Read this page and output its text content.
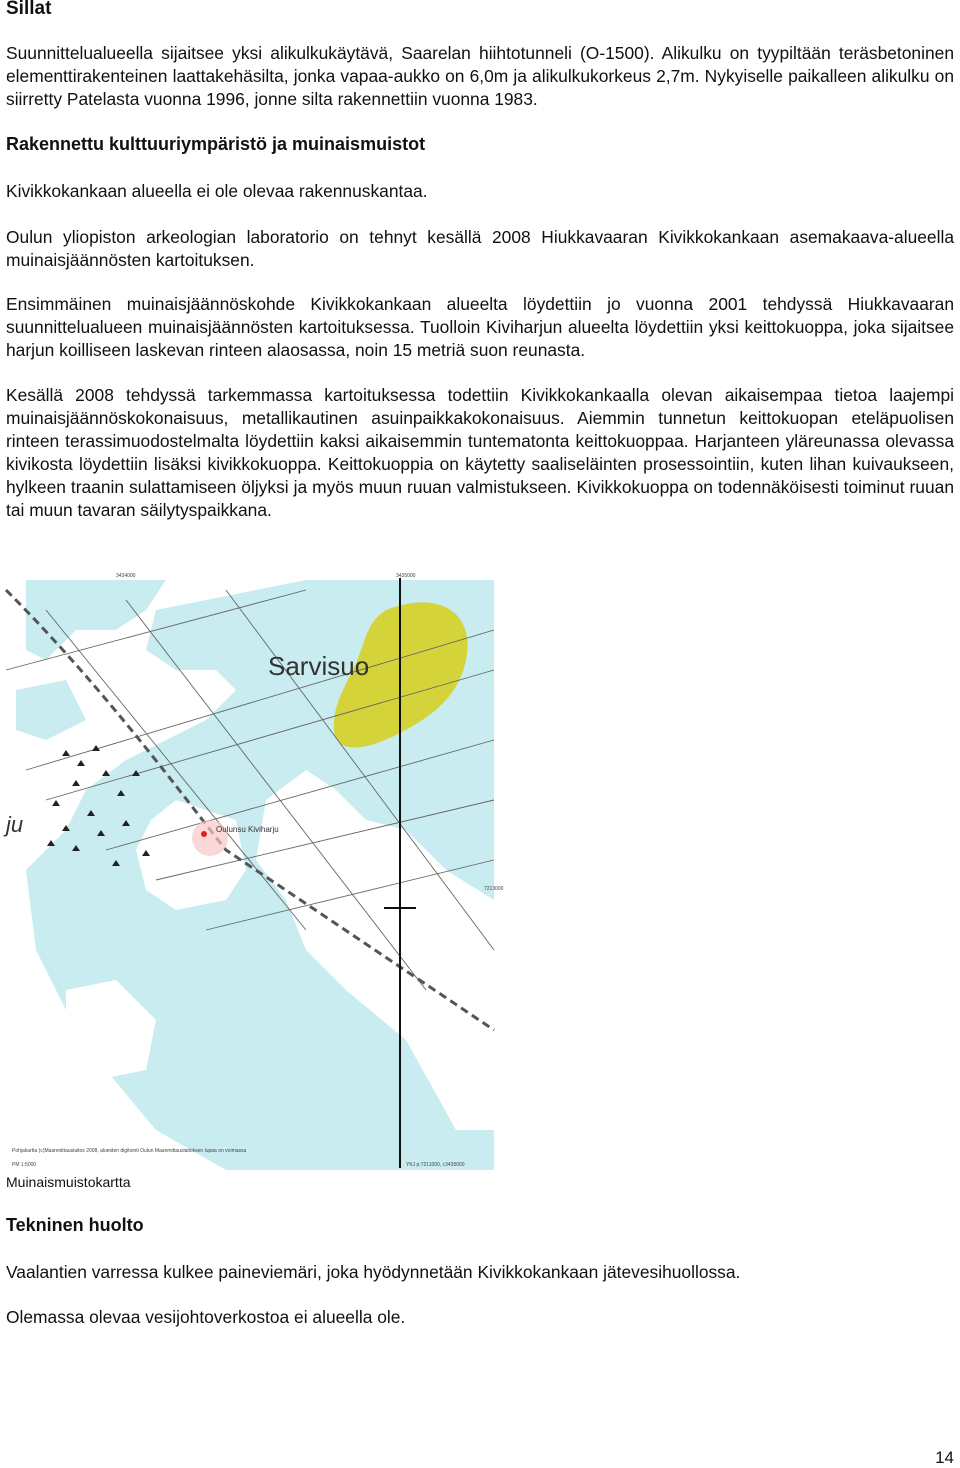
Sillat

Suunnittelualueella sijaitsee yksi alikulkukäytävä, Saarelan hiihtotunneli (O-1500). Alikulku on tyypiltään teräsbetoninen elementtirakenteinen laattakehäsilta, jonka vapaa-aukko on 6,0m ja alikulkukorkeus 2,7m. Nykyiselle paikalleen alikulku on siirretty Patelasta vuonna 1996, jonne silta rakennettiin vuonna 1983.

Rakennettu kulttuuriympäristö ja muinaismuistot

Kivikkokankaan alueella ei ole olevaa rakennuskantaa.

Oulun yliopiston arkeologian laboratorio on tehnyt kesällä 2008 Hiukkavaaran Kivikkokankaan asemakaava-alueella muinaisjäännösten kartoituksen.

Ensimmäinen muinaisjäännöskohde Kivikkokankaan alueelta löydettiin jo vuonna 2001 tehdyssä Hiukkavaaran suunnittelualueen muinaisjäännösten kartoituksessa. Tuolloin Kiviharjun alueelta löydettiin yksi keittokuoppa, joka sijaitsee harjun koilliseen laskevan rinteen alaosassa, noin 15 metriä suon reunasta.

Kesällä 2008 tehdyssä tarkemmassa kartoituksessa todettiin Kivikkokankaalla olevan aikaisempaa tietoa laajempi muinaisjäännöskokonaisuus, metallikautinen asuinpaikkakokonaisuus. Aiemmin tunnetun keittokuopan eteläpuolisen rinteen terassimuodostelmalta löydettiin kaksi aikaisemmin tuntematonta keittokuoppaa. Harjanteen yläreunassa olevassa kivikosta löydettiin lisäksi kivikkokuoppa. Keittokuoppia on käytetty saaliseläinten prosessointiin, kuten lihan kuivaukseen, hylkeen traanin sulattamiseen öljyksi ja myös muun ruuan valmistukseen. Kivikkokuoppa on todennäköisesti toiminut ruuan tai muun tavaran säilytyspaikkana.

Sarvisuo
Oulunsu Kiviharju
ju
3434000	3435000
7213000
Pohjakartta (c)Maanmittauslaitos 2008, alueiden digitointi Oulun Maanmittauslaitoksen lupaa on voimassa
PM 1:5000	YKJ p:7211000, i:3435000
Muinaismuistokartta
Tekninen huolto

Vaalantien varressa kulkee paineviemäri, joka hyödynnetään Kivikkokankaan jätevesihuollossa.

Olemassa olevaa vesijohtoverkostoa ei alueella ole.

14
